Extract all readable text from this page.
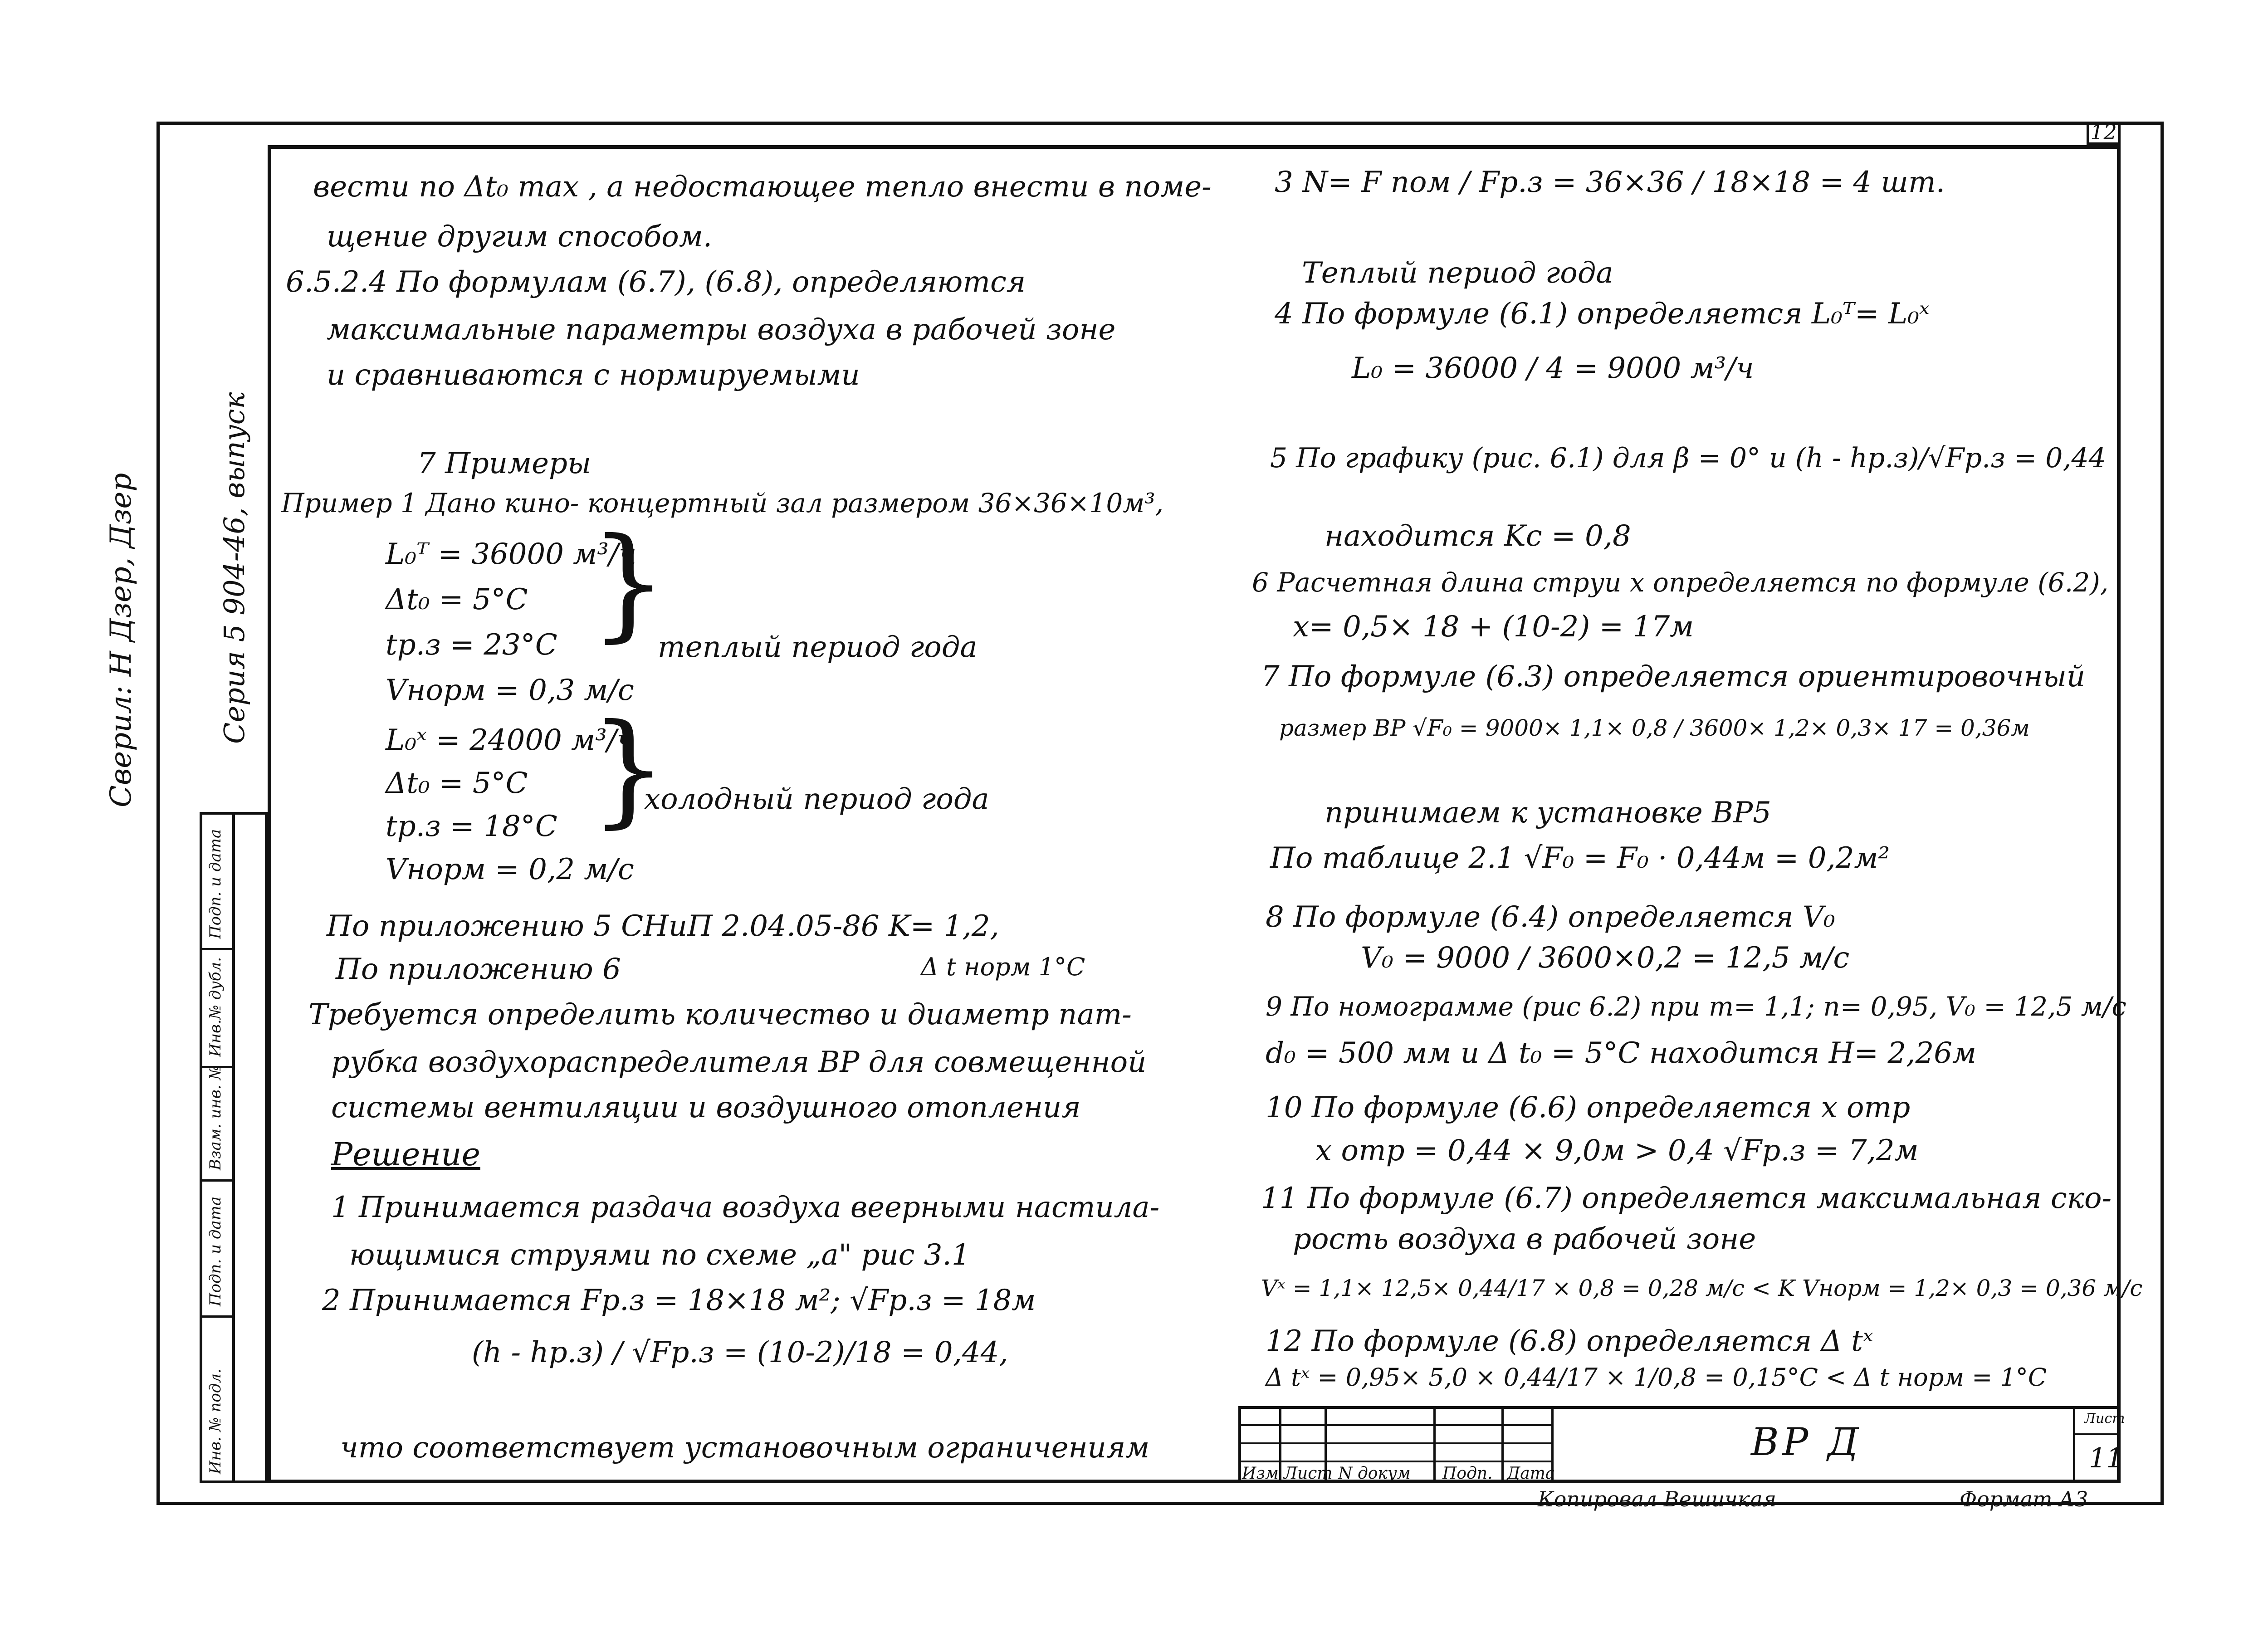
12
Сверил: Н Дзер, Дзер	Серия 5 904-46, выпуск
Подп. и дата
Инв.№ дубл.
Взам. инв. №
Подп. и дата
Инв. № подл.
вести по Δt₀ max , а недостающее тепло внести в поме-
щение другим способом.
6.5.2.4 По формулам (6.7), (6.8), определяются
максимальные параметры воздуха в рабочей зоне
и сравниваются с нормируемыми
7 Примеры
Пример 1 Дано кино- концертный зал размером 36×36×10м³,
L₀ᵀ = 36000 м³/ч
Δt₀ = 5°C
tр.з = 23°C
Vнорм = 0,3 м/с
}
теплый период года
L₀ˣ = 24000 м³/ч
Δt₀ = 5°C
tр.з = 18°C
Vнорм = 0,2 м/с
}
холодный период года
По приложению 5 СНиП 2.04.05-86 K= 1,2,
По приложению 6	Δ t норм 1°C
Требуется определить количество и диаметр пат-
рубка воздухораспределителя ВР для совмещенной
системы вентиляции и воздушного отопления
Решение
1 Принимается раздача воздуха веерными настила-
ющимися струями по схеме „а" рис 3.1
2 Принимается Fр.з = 18×18 м²; √Fр.з = 18м
(h - hр.з) / √Fр.з = (10-2)/18 = 0,44,
что соответствует установочным ограничениям
3 N= F пом / Fр.з = 36×36 / 18×18 = 4 шт.
Теплый период года
4 По формуле (6.1) определяется L₀ᵀ= L₀ˣ
L₀ = 36000 / 4 = 9000 м³/ч
5 По графику (рис. 6.1) для β = 0° и (h - hр.з)/√Fр.з = 0,44
находится Kc = 0,8
6 Расчетная длина струи x определяется по формуле (6.2),
x= 0,5× 18 + (10-2) = 17м
7 По формуле (6.3) определяется ориентировочный
размер ВР √F₀ = 9000× 1,1× 0,8 / 3600× 1,2× 0,3× 17 = 0,36м
принимаем к установке ВР5
По таблице 2.1 √F₀ = F₀ · 0,44м = 0,2м²
8 По формуле (6.4) определяется V₀
V₀ = 9000 / 3600×0,2 = 12,5 м/с
9 По номограмме (рис 6.2) при m= 1,1; n= 0,95, V₀ = 12,5 м/с
d₀ = 500 мм и Δ t₀ = 5°C находится H= 2,26м
10 По формуле (6.6) определяется x отр
x отр = 0,44 × 9,0м > 0,4 √Fр.з = 7,2м
11 По формуле (6.7) определяется максимальная ско-
рость воздуха в рабочей зоне
Vˣ = 1,1× 12,5× 0,44/17 × 0,8 = 0,28 м/с < K Vнорм = 1,2× 0,3 = 0,36 м/с
12 По формуле (6.8) определяется Δ tˣ
Δ tˣ = 0,95× 5,0 × 0,44/17 × 1/0,8 = 0,15°C < Δ t норм = 1°C
Изм Лист N докум Подп. Дата
ВР Д
Лист
11
Копировал Вешичкая	Формат А3
